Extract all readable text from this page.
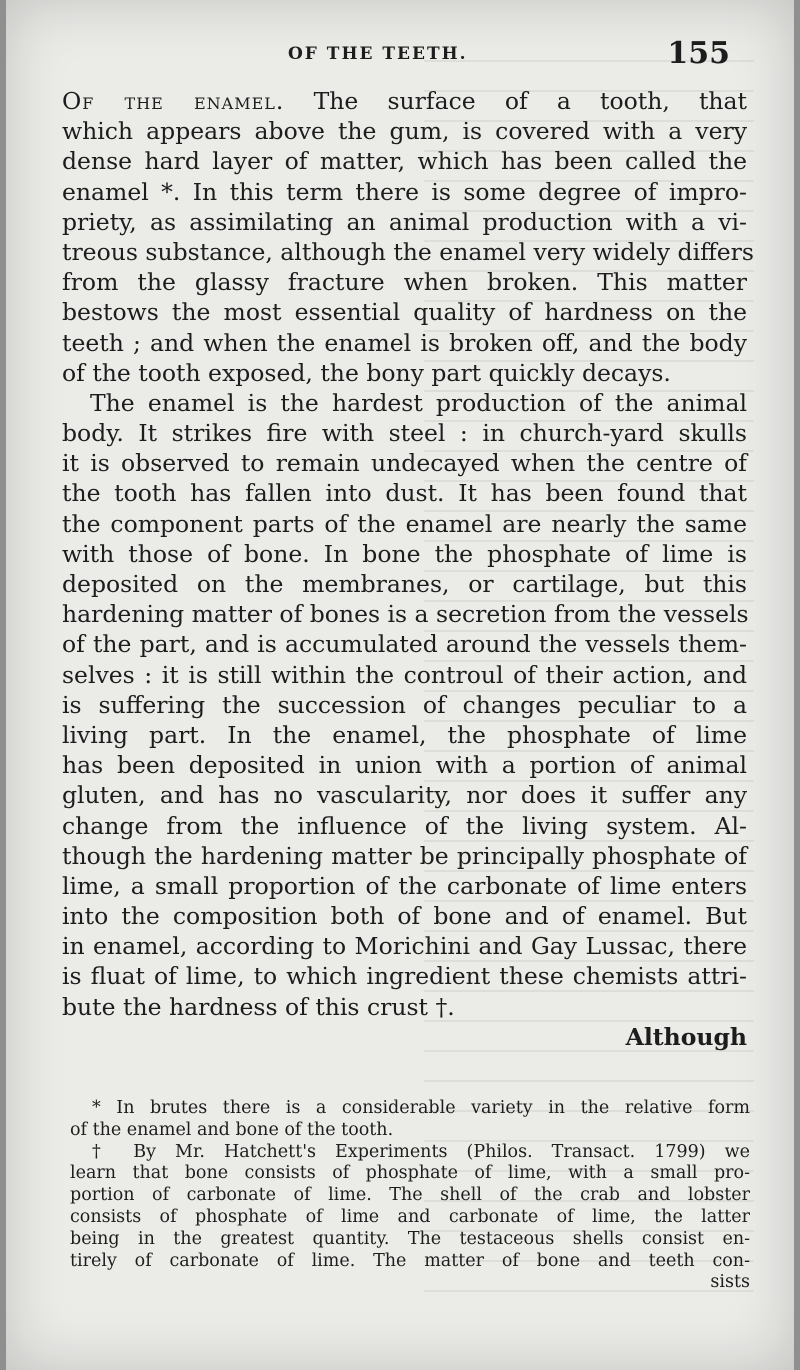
OF THE TEETH.	155
Of the enamel. The surface of a tooth, that
which appears above the gum, is covered with a very
dense hard layer of matter, which has been called the
enamel *. In this term there is some degree of impro-
priety, as assimilating an animal production with a vi-
treous substance, although the enamel very widely differs
from the glassy fracture when broken. This matter
bestows the most essential quality of hardness on the
teeth ; and when the enamel is broken off, and the body
of the tooth exposed, the bony part quickly decays.
The enamel is the hardest production of the animal
body. It strikes fire with steel : in church-yard skulls
it is observed to remain undecayed when the centre of
the tooth has fallen into dust. It has been found that
the component parts of the enamel are nearly the same
with those of bone. In bone the phosphate of lime is
deposited on the membranes, or cartilage, but this
hardening matter of bones is a secretion from the vessels
of the part, and is accumulated around the vessels them-
selves : it is still within the controul of their action, and
is suffering the succession of changes peculiar to a
living part. In the enamel, the phosphate of lime
has been deposited in union with a portion of animal
gluten, and has no vascularity, nor does it suffer any
change from the influence of the living system. Al-
though the hardening matter be principally phosphate of
lime, a small proportion of the carbonate of lime enters
into the composition both of bone and of enamel. But
in enamel, according to Morichini and Gay Lussac, there
is fluat of lime, to which ingredient these chemists attri-
bute the hardness of this crust †.
Although
* In brutes there is a considerable variety in the relative form
of the enamel and bone of the tooth.
† By Mr. Hatchett's Experiments (Philos. Transact. 1799) we
learn that bone consists of phosphate of lime, with a small pro-
portion of carbonate of lime. The shell of the crab and lobster
consists of phosphate of lime and carbonate of lime, the latter
being in the greatest quantity. The testaceous shells consist en-
tirely of carbonate of lime. The matter of bone and teeth con-
sists
